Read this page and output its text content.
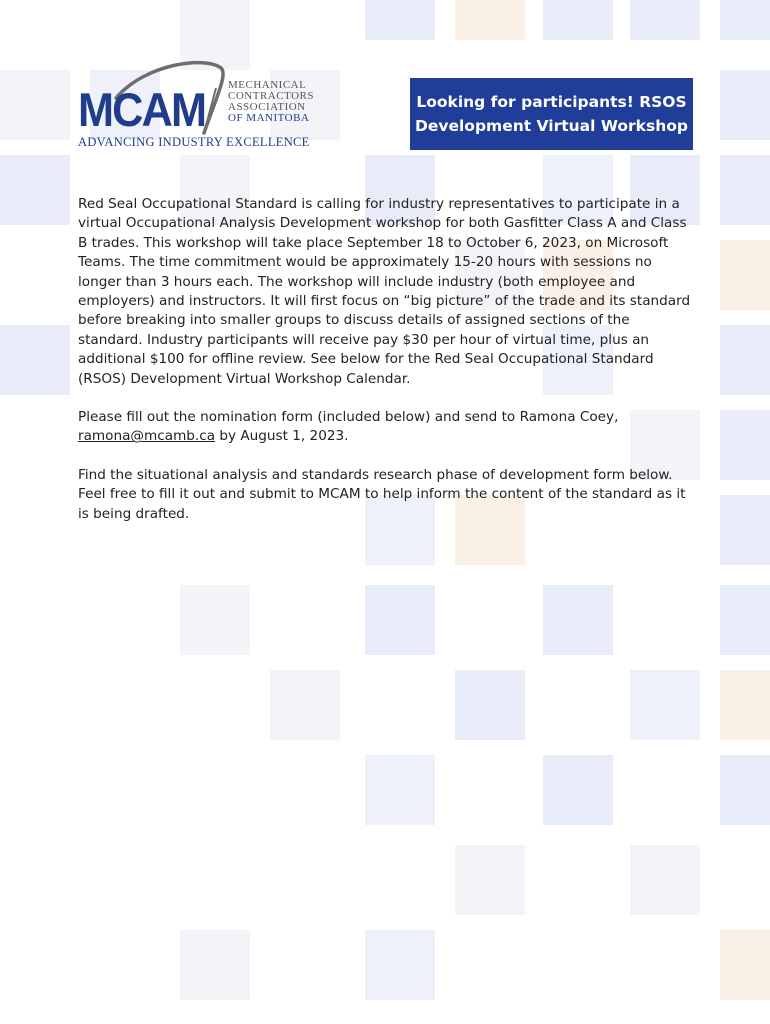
MCAM MECHANICAL
CONTRACTORS
ASSOCIATION
OF MANITOBA
ADVANCING INDUSTRY EXCELLENCE
Looking for participants! RSOS
Development Virtual Workshop

Red Seal Occupational Standard is calling for industry representatives to participate in a virtual Occupational Analysis Development workshop for both Gasfitter Class A and Class B trades. This workshop will take place September 18 to October 6, 2023, on Microsoft Teams. The time commitment would be approximately 15-20 hours with sessions no longer than 3 hours each. The workshop will include industry (both employee and employers) and instructors. It will first focus on “big picture” of the trade and its standard before breaking into smaller groups to discuss details of assigned sections of the standard. Industry participants will receive pay $30 per hour of virtual time, plus an additional $100 for offline review. See below for the Red Seal Occupational Standard (RSOS) Development Virtual Workshop Calendar.

Please fill out the nomination form (included below) and send to Ramona Coey,
ramona@mcamb.ca by August 1, 2023.

Find the situational analysis and standards research phase of development form below. Feel free to fill it out and submit to MCAM to help inform the content of the standard as it is being drafted.
